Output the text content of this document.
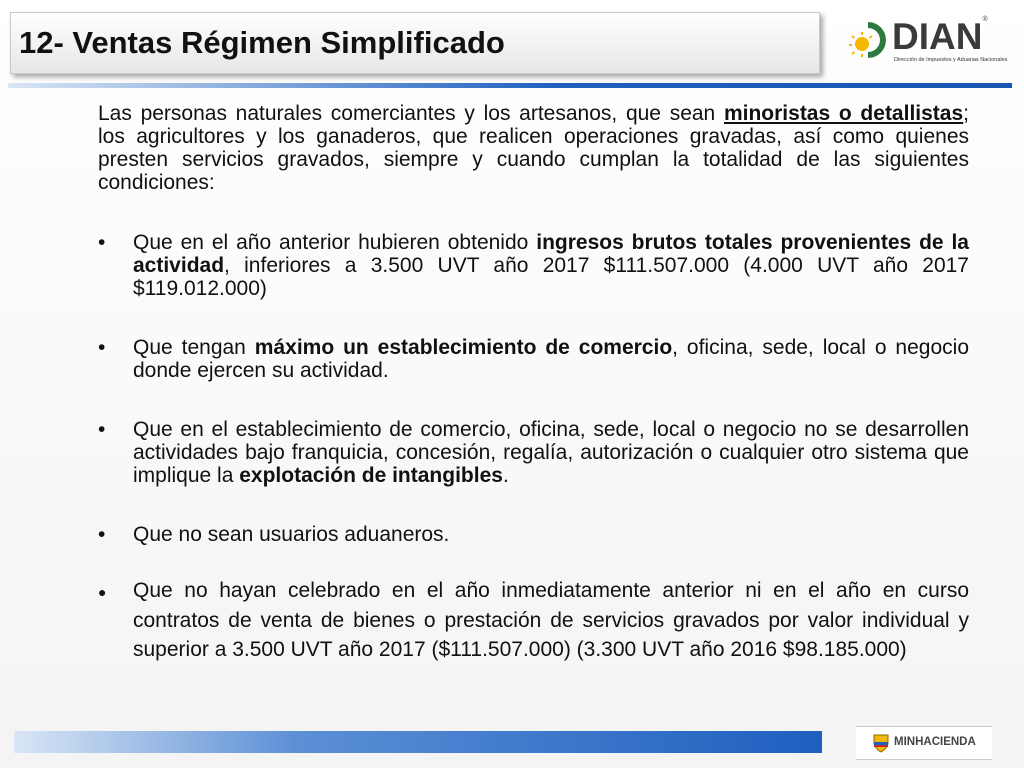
12- Ventas Régimen Simplificado	DIAN®
Dirección de Impuestos y Aduanas Nacionales

Las personas naturales comerciantes y los artesanos, que sean minoristas o detallistas; los agricultores y los ganaderos, que realicen operaciones gravadas, así como quienes presten servicios gravados, siempre y cuando cumplan la totalidad de las siguientes condiciones:

• Que en el año anterior hubieren obtenido ingresos brutos totales provenientes de la actividad, inferiores a 3.500 UVT año 2017 $111.507.000 (4.000 UVT año 2017 $119.012.000)
• Que tengan máximo un establecimiento de comercio, oficina, sede, local o negocio donde ejercen su actividad.
• Que en el establecimiento de comercio, oficina, sede, local o negocio no se desarrollen actividades bajo franquicia, concesión, regalía, autorización o cualquier otro sistema que implique la explotación de intangibles.
• Que no sean usuarios aduaneros.
● Que no hayan celebrado en el año inmediatamente anterior ni en el año en curso contratos de venta de bienes o prestación de servicios gravados por valor individual y superior a 3.500 UVT año 2017 ($111.507.000) (3.300 UVT año 2016 $98.185.000)
MINHACIENDA
